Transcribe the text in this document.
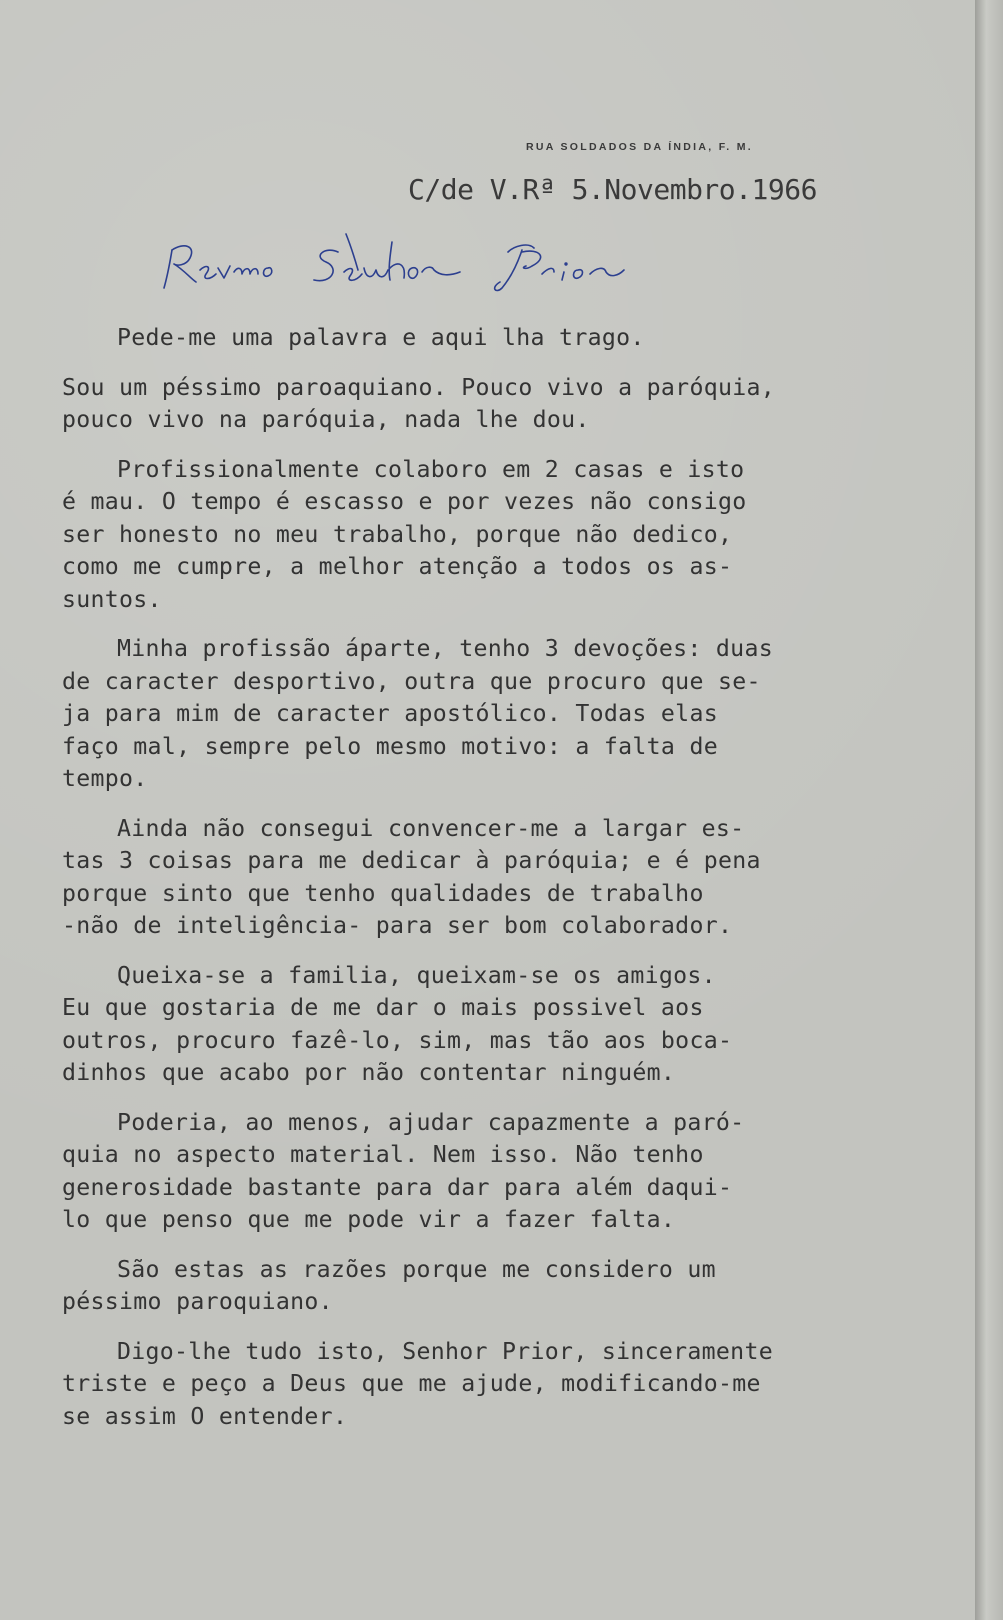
RUA SOLDADOS DA ÍNDIA, F. M.
C/de V.Rª 5.Novembro.1966

Pede-me uma palavra e aqui lha trago.

Sou um péssimo paroaquiano. Pouco vivo a paróquia,
pouco vivo na paróquia, nada lhe dou.

Profissionalmente colaboro em 2 casas e isto
é mau. O tempo é escasso e por vezes não consigo
ser honesto no meu trabalho, porque não dedico,
como me cumpre, a melhor atenção a todos os as-
suntos.

Minha profissão áparte, tenho 3 devoções: duas
de caracter desportivo, outra que procuro que se-
ja para mim de caracter apostólico. Todas elas
faço mal, sempre pelo mesmo motivo: a falta de
tempo.

Ainda não consegui convencer-me a largar es-
tas 3 coisas para me dedicar à paróquia; e é pena
porque sinto que tenho qualidades de trabalho
-não de inteligência- para ser bom colaborador.

Queixa-se a familia, queixam-se os amigos.
Eu que gostaria de me dar o mais possivel aos
outros, procuro fazê-lo, sim, mas tão aos boca-
dinhos que acabo por não contentar ninguém.

Poderia, ao menos, ajudar capazmente a paró-
quia no aspecto material. Nem isso. Não tenho
generosidade bastante para dar para além daqui-
lo que penso que me pode vir a fazer falta.

São estas as razões porque me considero um
péssimo paroquiano.

Digo-lhe tudo isto, Senhor Prior, sinceramente
triste e peço a Deus que me ajude, modificando-me
se assim O entender.
